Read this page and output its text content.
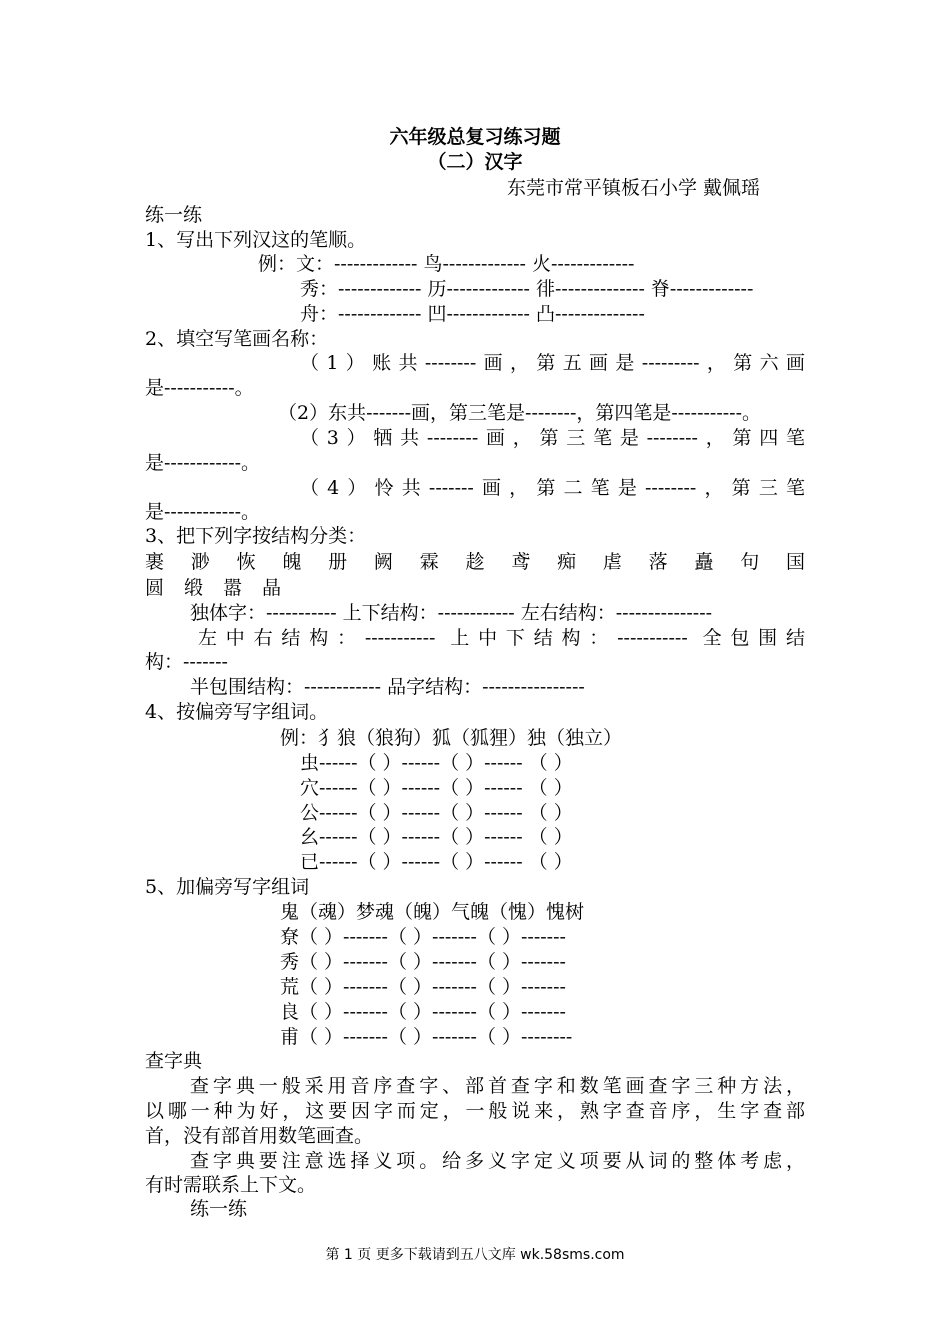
六年级总复习练习题
（二）汉字
东莞市常平镇板石小学 戴佩瑶
练一练
1、写出下列汉这的笔顺。
例：文：------------- 鸟------------- 火-------------
秀：------------- 历------------- 徘-------------- 脊-------------
舟：------------- 凹------------- 凸--------------
2、填空写笔画名称：
（1）账共--------画，第五画是---------，第六画
是-----------。
（2）东共-------画，第三笔是--------，第四笔是-----------。
（3）牺共--------画，第三笔是--------，第四笔
是------------。
（4）怜共-------画，第二笔是--------，第三笔
是------------。
3、把下列字按结构分类：
裹 渺 恢 魄 册 阙 霖 趁 鸢 痴 虐 落 矗 句 国
圆 缎 嚣 晶
独体字：----------- 上下结构：------------ 左右结构：---------------
左中右结构：----------- 上中下结构：----------- 全包围结
构：-------
半包围结构：------------ 品字结构：----------------
4、按偏旁写字组词。
例：犭狼（狼狗）狐（狐狸）独（独立）
虫------（ ）------（ ）------ （ ）
穴------（ ）------（ ）------ （ ）
公------（ ）------（ ）------ （ ）
幺------（ ）------（ ）------ （ ）
已------（ ）------（ ）------ （ ）
5、加偏旁写字组词
鬼（魂）梦魂（魄）气魄（愧）愧树
尞（ ）-------（ ）-------（ ）-------
秀（ ）-------（ ）-------（ ）-------
荒（ ）-------（ ）-------（ ）-------
良（ ）-------（ ）-------（ ）-------
甫（ ）-------（ ）-------（ ）--------
查字典
查字典一般采用音序查字、部首查字和数笔画查字三种方法，
以哪一种为好，这要因字而定，一般说来，熟字查音序，生字查部
首，没有部首用数笔画查。
查字典要注意选择义项。给多义字定义项要从词的整体考虑，
有时需联系上下文。
练一练
第 1 页 更多下载请到五八文库 wk.58sms.com
